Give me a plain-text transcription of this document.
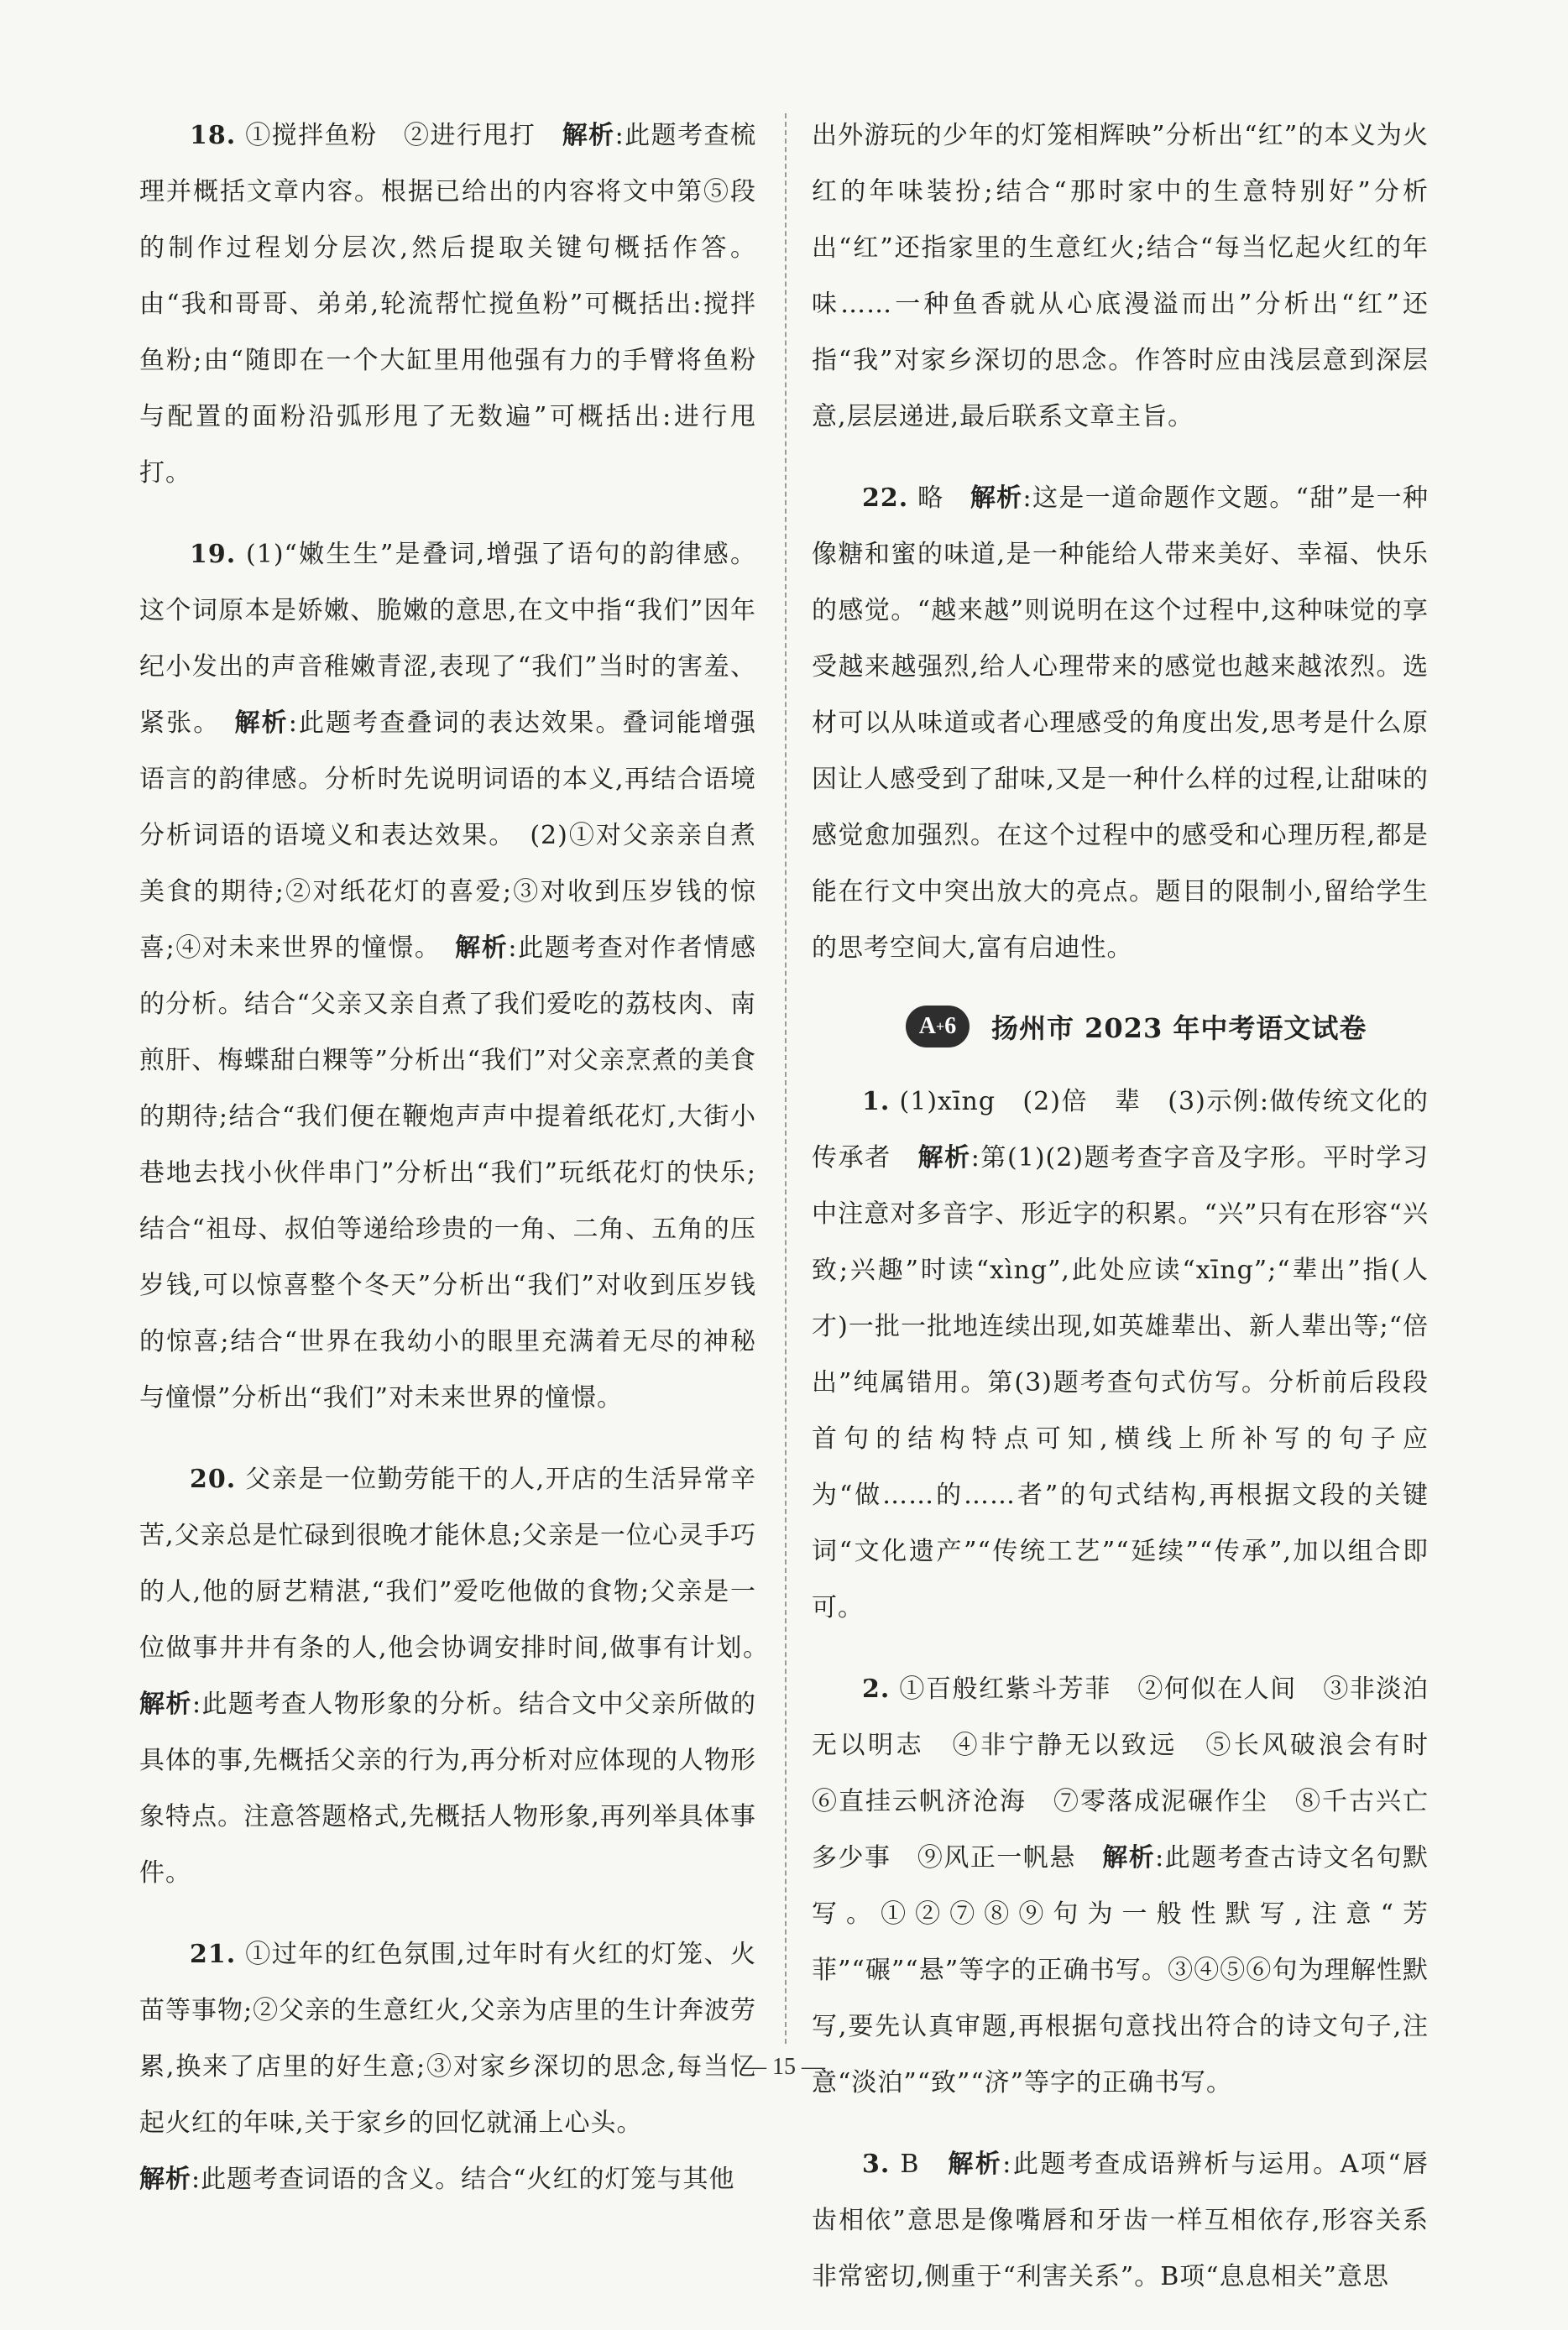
18. ①搅拌鱼粉　②进行甩打　解析:此题考查梳理并概括文章内容。根据已给出的内容将文中第⑤段的制作过程划分层次,然后提取关键句概括作答。由“我和哥哥、弟弟,轮流帮忙搅鱼粉”可概括出:搅拌鱼粉;由“随即在一个大缸里用他强有力的手臂将鱼粉与配置的面粉沿弧形甩了无数遍”可概括出:进行甩打。

19. (1)“嫩生生”是叠词,增强了语句的韵律感。这个词原本是娇嫩、脆嫩的意思,在文中指“我们”因年纪小发出的声音稚嫩青涩,表现了“我们”当时的害羞、紧张。　解析:此题考查叠词的表达效果。叠词能增强语言的韵律感。分析时先说明词语的本义,再结合语境分析词语的语境义和表达效果。　(2)①对父亲亲自煮美食的期待;②对纸花灯的喜爱;③对收到压岁钱的惊喜;④对未来世界的憧憬。　解析:此题考查对作者情感的分析。结合“父亲又亲自煮了我们爱吃的荔枝肉、南煎肝、梅蝶甜白粿等”分析出“我们”对父亲烹煮的美食的期待;结合“我们便在鞭炮声声中提着纸花灯,大街小巷地去找小伙伴串门”分析出“我们”玩纸花灯的快乐;结合“祖母、叔伯等递给珍贵的一角、二角、五角的压岁钱,可以惊喜整个冬天”分析出“我们”对收到压岁钱的惊喜;结合“世界在我幼小的眼里充满着无尽的神秘与憧憬”分析出“我们”对未来世界的憧憬。

20. 父亲是一位勤劳能干的人,开店的生活异常辛苦,父亲总是忙碌到很晚才能休息;父亲是一位心灵手巧的人,他的厨艺精湛,“我们”爱吃他做的食物;父亲是一位做事井井有条的人,他会协调安排时间,做事有计划。　解析:此题考查人物形象的分析。结合文中父亲所做的具体的事,先概括父亲的行为,再分析对应体现的人物形象特点。注意答题格式,先概括人物形象,再列举具体事件。

21. ①过年的红色氛围,过年时有火红的灯笼、火苗等事物;②父亲的生意红火,父亲为店里的生计奔波劳累,换来了店里的好生意;③对家乡深切的思念,每当忆起火红的年味,关于家乡的回忆就涌上心头。

解析:此题考查词语的含义。结合“火红的灯笼与其他

出外游玩的少年的灯笼相辉映”分析出“红”的本义为火红的年味装扮;结合“那时家中的生意特别好”分析出“红”还指家里的生意红火;结合“每当忆起火红的年味……一种鱼香就从心底漫溢而出”分析出“红”还指“我”对家乡深切的思念。作答时应由浅层意到深层意,层层递进,最后联系文章主旨。

22. 略　解析:这是一道命题作文题。“甜”是一种像糖和蜜的味道,是一种能给人带来美好、幸福、快乐的感觉。“越来越”则说明在这个过程中,这种味觉的享受越来越强烈,给人心理带来的感觉也越来越浓烈。选材可以从味道或者心理感受的角度出发,思考是什么原因让人感受到了甜味,又是一种什么样的过程,让甜味的感觉愈加强烈。在这个过程中的感受和心理历程,都是能在行文中突出放大的亮点。题目的限制小,留给学生的思考空间大,富有启迪性。

A + 6 扬州市 2023 年中考语文试卷

1. (1)xīng　(2)倍　辈　(3)示例:做传统文化的传承者　解析:第(1)(2)题考查字音及字形。平时学习中注意对多音字、形近字的积累。“兴”只有在形容“兴致;兴趣”时读“xìng”,此处应读“xīng”;“辈出”指(人才)一批一批地连续出现,如英雄辈出、新人辈出等;“倍出”纯属错用。第(3)题考查句式仿写。分析前后段段首句的结构特点可知,横线上所补写的句子应为“做……的……者”的句式结构,再根据文段的关键词“文化遗产”“传统工艺”“延续”“传承”,加以组合即可。

2. ①百般红紫斗芳菲　②何似在人间　③非淡泊无以明志　④非宁静无以致远　⑤长风破浪会有时　⑥直挂云帆济沧海　⑦零落成泥碾作尘　⑧千古兴亡多少事　⑨风正一帆悬　解析:此题考查古诗文名句默写。①②⑦⑧⑨句为一般性默写,注意“芳菲”“碾”“悬”等字的正确书写。③④⑤⑥句为理解性默写,要先认真审题,再根据句意找出符合的诗文句子,注意“淡泊”“致”“济”等字的正确书写。

3. B　解析:此题考查成语辨析与运用。A项“唇齿相依”意思是像嘴唇和牙齿一样互相依存,形容关系非常密切,侧重于“利害关系”。B项“息息相关”意思

— 15 —
